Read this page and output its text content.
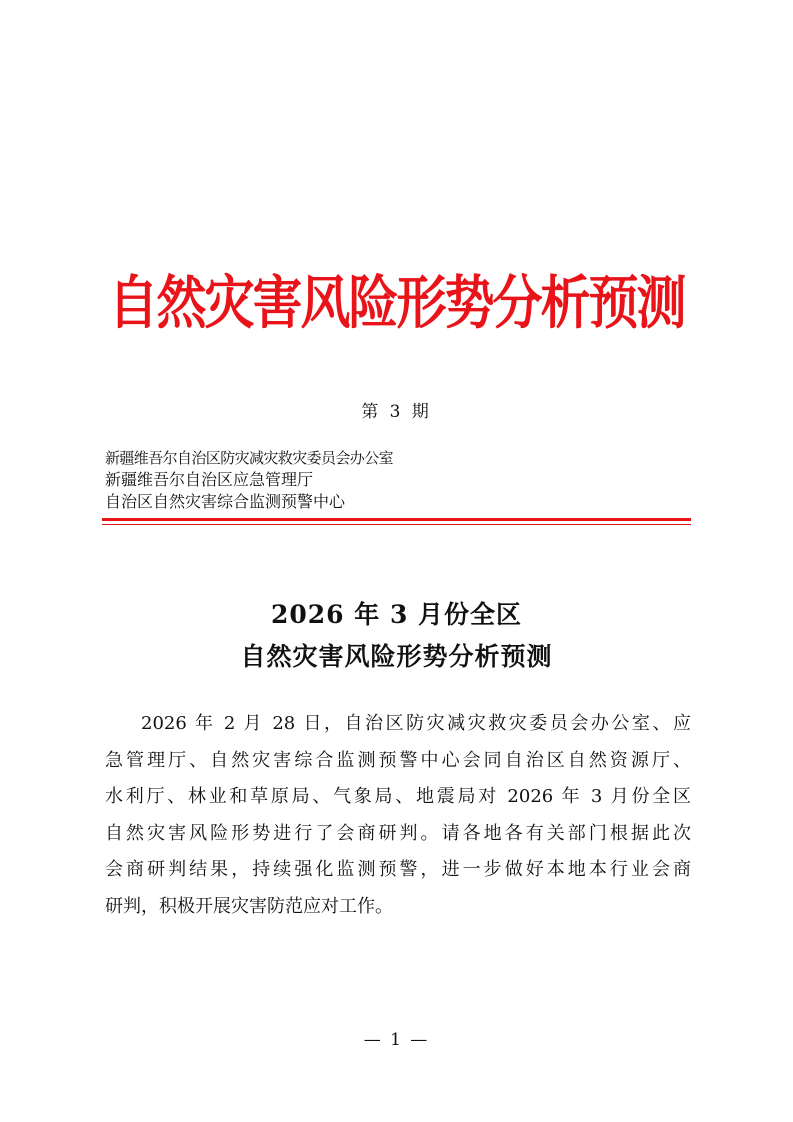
自然灾害风险形势分析预测
第 3 期
新疆维吾尔自治区防灾减灾救灾委员会办公室
新疆维吾尔自治区应急管理厅
自治区自然灾害综合监测预警中心
2026 年 3 月份全区
自然灾害风险形势分析预测
2026 年 2 月 28 日，自治区防灾减灾救灾委员会办公室、应
急管理厅、自然灾害综合监测预警中心会同自治区自然资源厅、
水利厅、林业和草原局、气象局、地震局对 2026 年 3 月份全区
自然灾害风险形势进行了会商研判。请各地各有关部门根据此次
会商研判结果，持续强化监测预警，进一步做好本地本行业会商
研判，积极开展灾害防范应对工作。
— 1 —
